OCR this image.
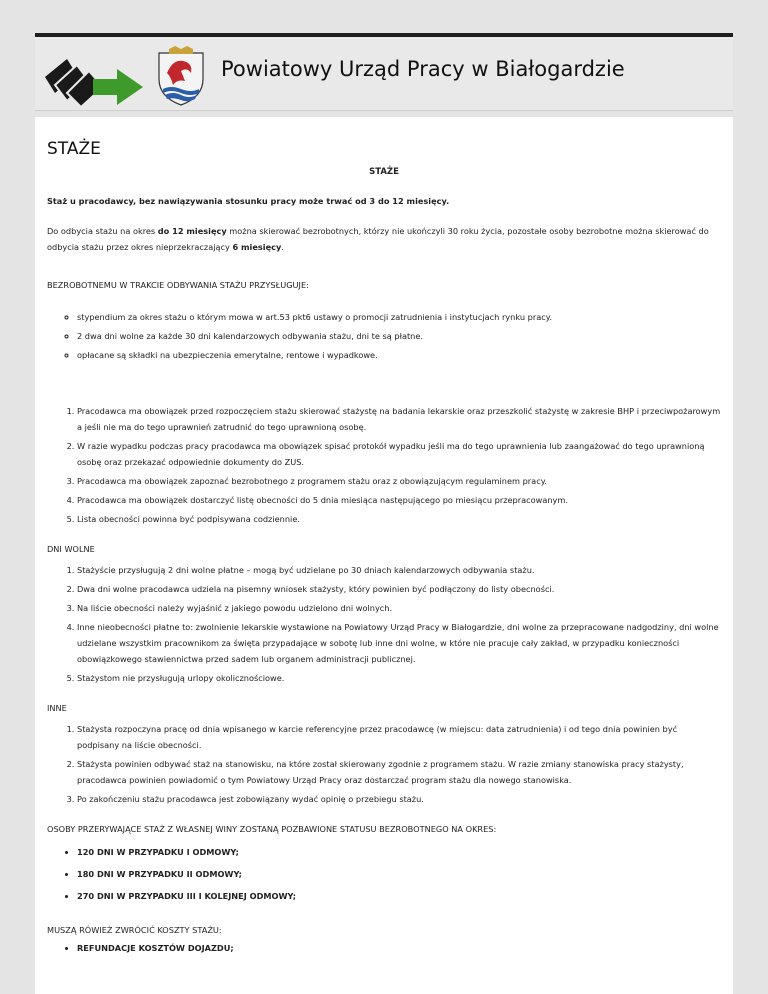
Powiatowy Urząd Pracy w Białogardzie
STAŻE
STAŻE

Staż u pracodawcy, bez nawiązywania stosunku pracy może trwać od 3 do 12 miesięcy.

Do odbycia stażu na okres do 12 miesięcy można skierować bezrobotnych, którzy nie ukończyli 30 roku życia, pozostałe osoby bezrobotne można skierować do odbycia stażu przez okres nieprzekraczający 6 miesięcy.

BEZROBOTNEMU W TRAKCIE ODBYWANIA STAŻU PRZYSŁUGUJE:

◦ stypendium za okres stażu o którym mowa w art.53 pkt6 ustawy o promocji zatrudnienia i instytucjach rynku pracy.
◦ 2 dwa dni wolne za każde 30 dni kalendarzowych odbywania stażu, dni te są płatne.
◦ opłacane są składki na ubezpieczenia emerytalne, rentowe i wypadkowe.
1. Pracodawca ma obowiązek przed rozpoczęciem stażu skierować stażystę na badania lekarskie oraz przeszkolić stażystę w zakresie BHP i przeciwpożarowym a jeśli nie ma do tego uprawnień zatrudnić do tego uprawnioną osobę.
2. W razie wypadku podczas pracy pracodawca ma obowiązek spisać protokół wypadku jeśli ma do tego uprawnienia lub zaangażować do tego uprawnioną osobę oraz przekazać odpowiednie dokumenty do ZUS.
3. Pracodawca ma obowiązek zapoznać bezrobotnego z programem stażu oraz z obowiązującym regulaminem pracy.
4. Pracodawca ma obowiązek dostarczyć listę obecności do 5 dnia miesiąca następującego po miesiącu przepracowanym.
5. Lista obecności powinna być podpisywana codziennie.

DNI WOLNE

1. Stażyście przysługują 2 dni wolne płatne – mogą być udzielane po 30 dniach kalendarzowych odbywania stażu.
2. Dwa dni wolne pracodawca udziela na pisemny wniosek stażysty, który powinien być podłączony do listy obecności.
3. Na liście obecności należy wyjaśnić z jakiego powodu udzielono dni wolnych.
4. Inne nieobecności płatne to: zwolnienie lekarskie wystawione na Powiatowy Urząd Pracy w Białogardzie, dni wolne za przepracowane nadgodziny, dni wolne udzielane wszystkim pracownikom za święta przypadające w sobotę lub inne dni wolne, w które nie pracuje cały zakład, w przypadku konieczności obowiązkowego stawiennictwa przed sadem lub organem administracji publicznej.
5. Stażystom nie przysługują urlopy okolicznościowe.

INNE

1. Stażysta rozpoczyna pracę od dnia wpisanego w karcie referencyjne przez pracodawcę (w miejscu: data zatrudnienia) i od tego dnia powinien być podpisany na liście obecności.
2. Stażysta powinien odbywać staż na stanowisku, na które został skierowany zgodnie z programem stażu. W razie zmiany stanowiska pracy stażysty, pracodawca powinien powiadomić o tym Powiatowy Urząd Pracy oraz dostarczać program stażu dla nowego stanowiska.
3. Po zakończeniu stażu pracodawca jest zobowiązany wydać opinię o przebiegu stażu.

OSOBY PRZERYWAJĄCE STAŻ Z WŁASNEJ WINY ZOSTANĄ POZBAWIONE STATUSU BEZROBOTNEGO NA OKRES:

• 120 DNI W PRZYPADKU I ODMOWY;
• 180 DNI W PRZYPADKU II ODMOWY;
• 270 DNI W PRZYPADKU III I KOLEJNEJ ODMOWY;

MUSZĄ RÓWIEŻ ZWRÓCIĆ KOSZTY STAŻU:

• REFUNDACJE KOSZTÓW DOJAZDU;
